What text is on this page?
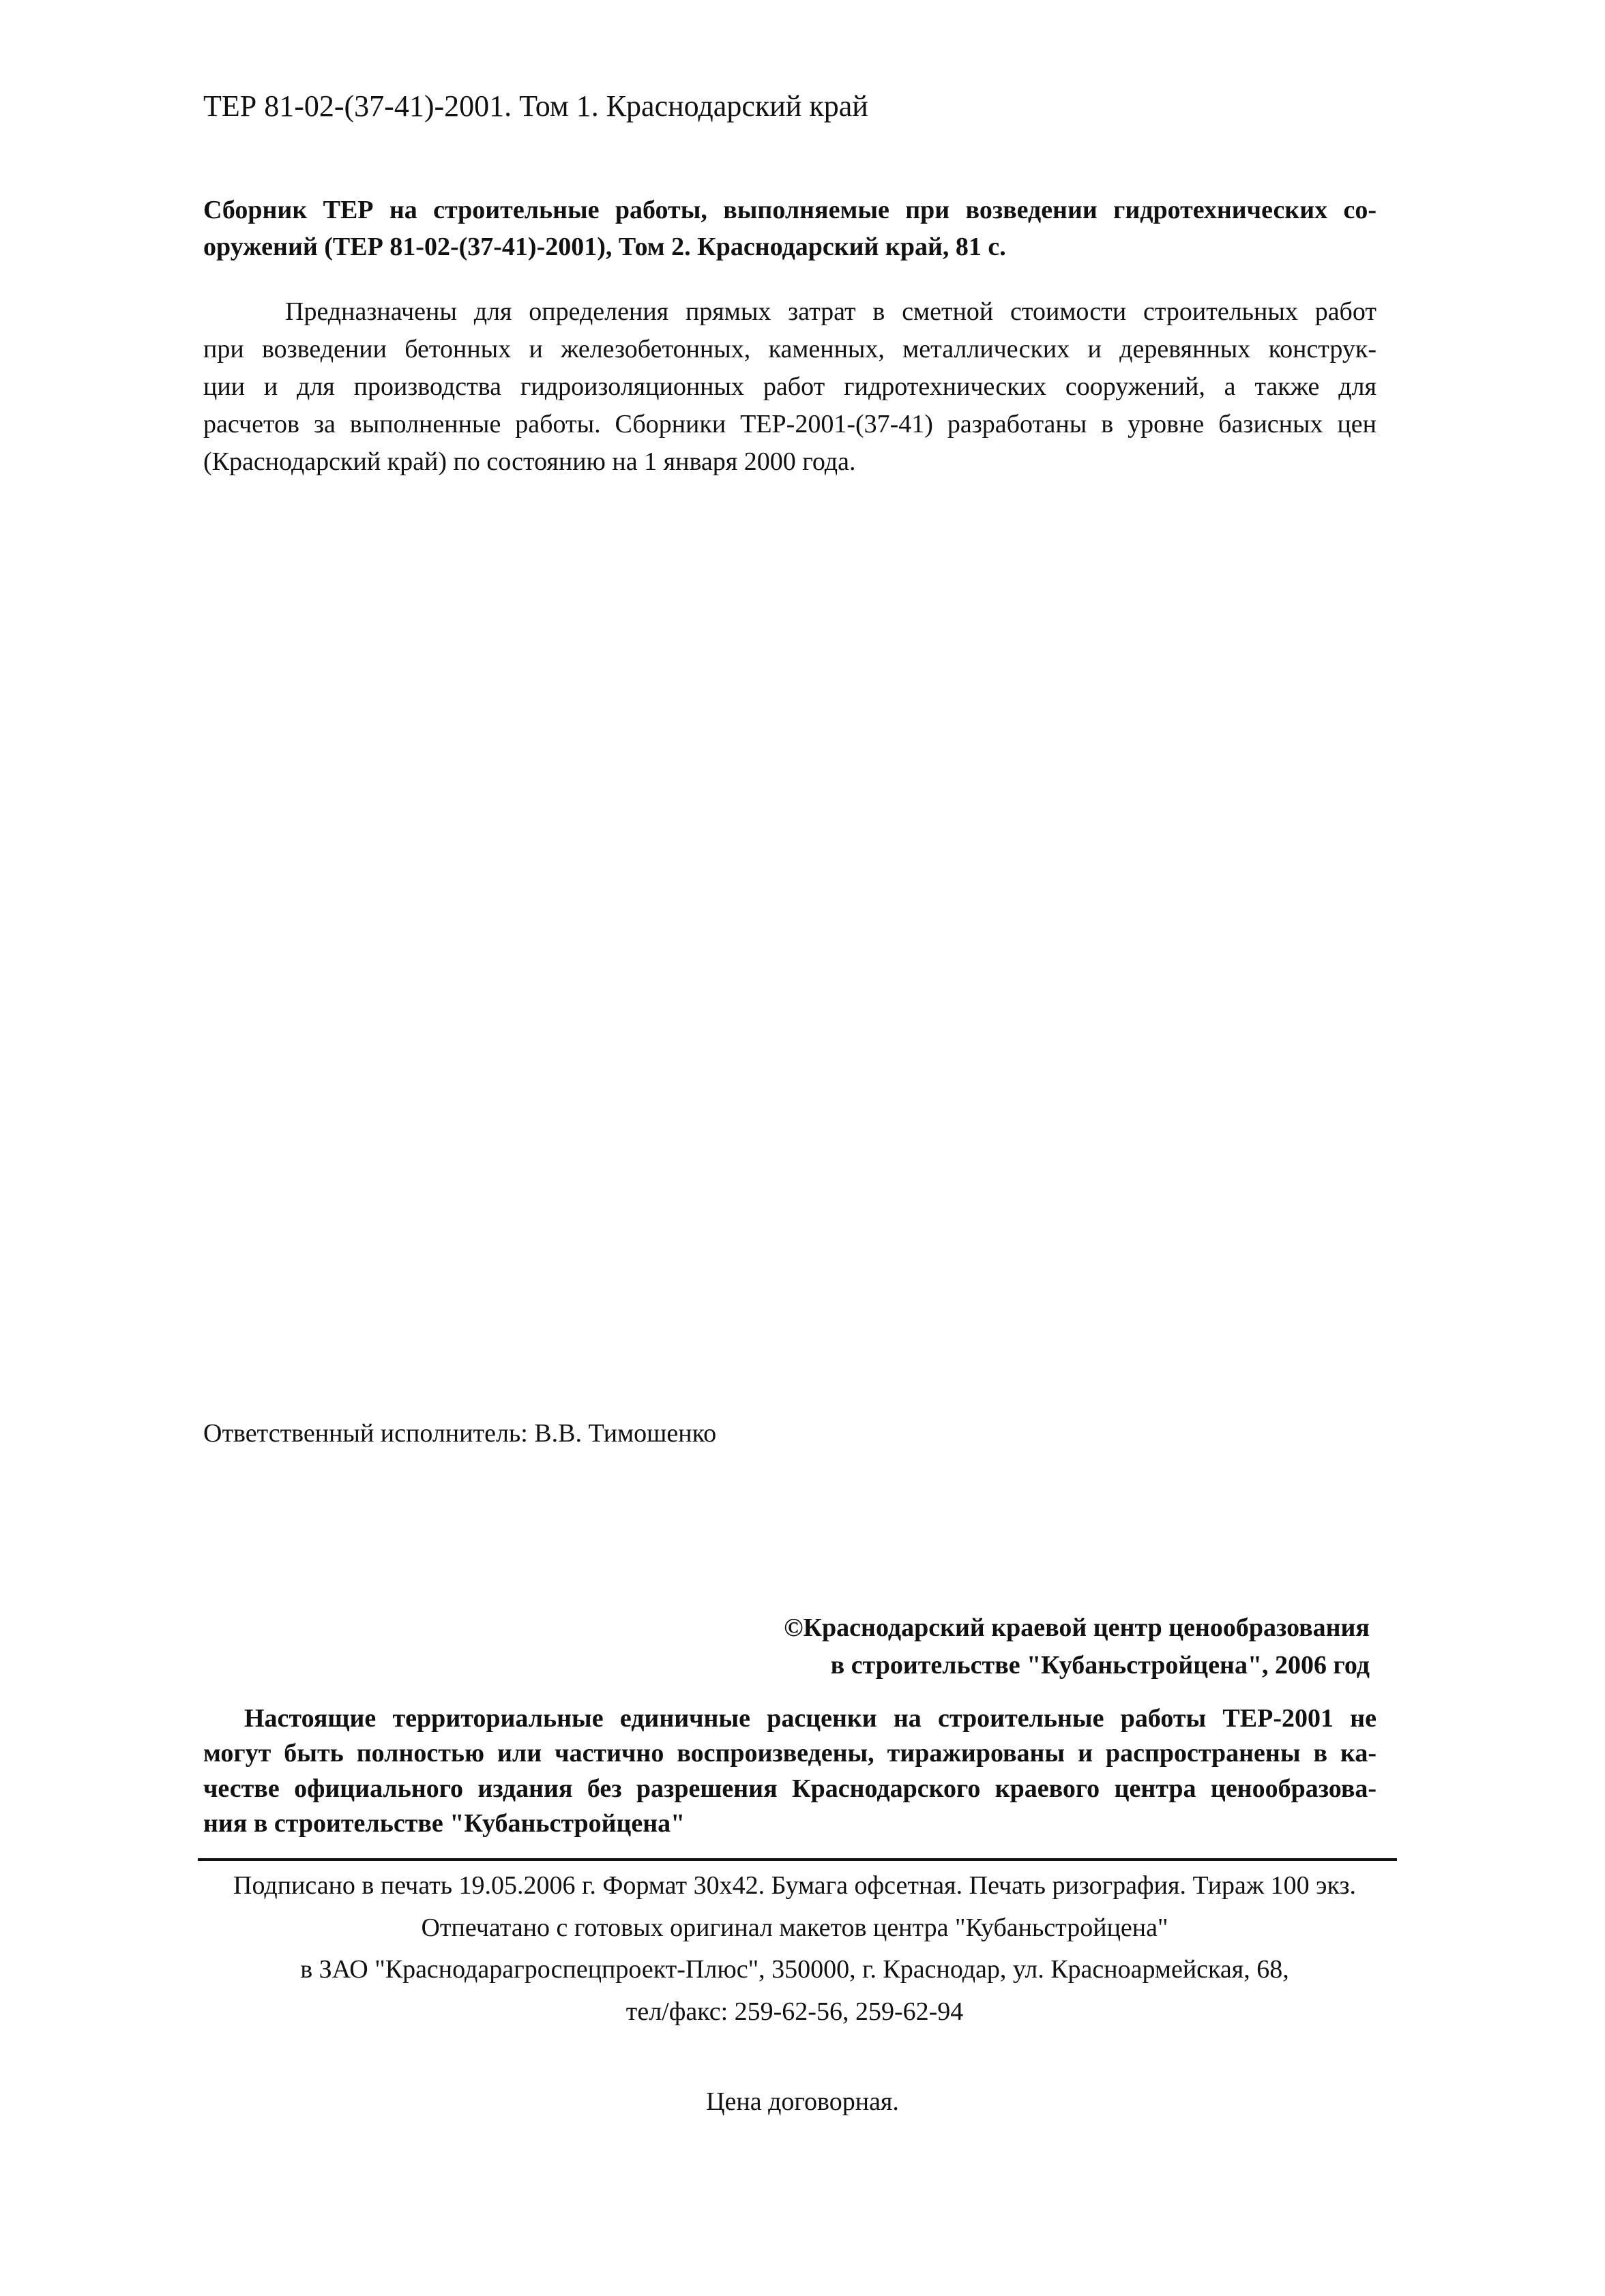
ТЕР 81-02-(37-41)-2001. Том 1. Краснодарский край
Сборник ТЕР на строительные работы, выполняемые при возведении гидротехнических со-
оружений (ТЕР 81-02-(37-41)-2001), Том 2. Краснодарский край, 81 с.
Предназначены для определения прямых затрат в сметной стоимости строительных работ
при возведении бетонных и железобетонных, каменных, металлических и деревянных конструк-
ции и для производства гидроизоляционных работ гидротехнических сооружений, а также для
расчетов за выполненные работы. Сборники ТЕР-2001-(37-41) разработаны в уровне базисных цен
(Краснодарский край) по состоянию на 1 января 2000 года.
Ответственный исполнитель: В.В. Тимошенко
©Краснодарский краевой центр ценообразования
в строительстве "Кубаньстройцена", 2006 год
Настоящие территориальные единичные расценки на строительные работы ТЕР-2001 не
могут быть полностью или частично воспроизведены, тиражированы и распространены в ка-
честве официального издания без разрешения Краснодарского краевого центра ценообразова-
ния в строительстве "Кубаньстройцена"
Подписано в печать 19.05.2006 г. Формат 30х42. Бумага офсетная. Печать ризография. Тираж 100 экз.
Отпечатано с готовых оригинал макетов центра "Кубаньстройцена"
в ЗАО "Краснодарагроспецпроект-Плюс", 350000, г. Краснодар, ул. Красноармейская, 68,
тел/факс: 259-62-56, 259-62-94
Цена договорная.
